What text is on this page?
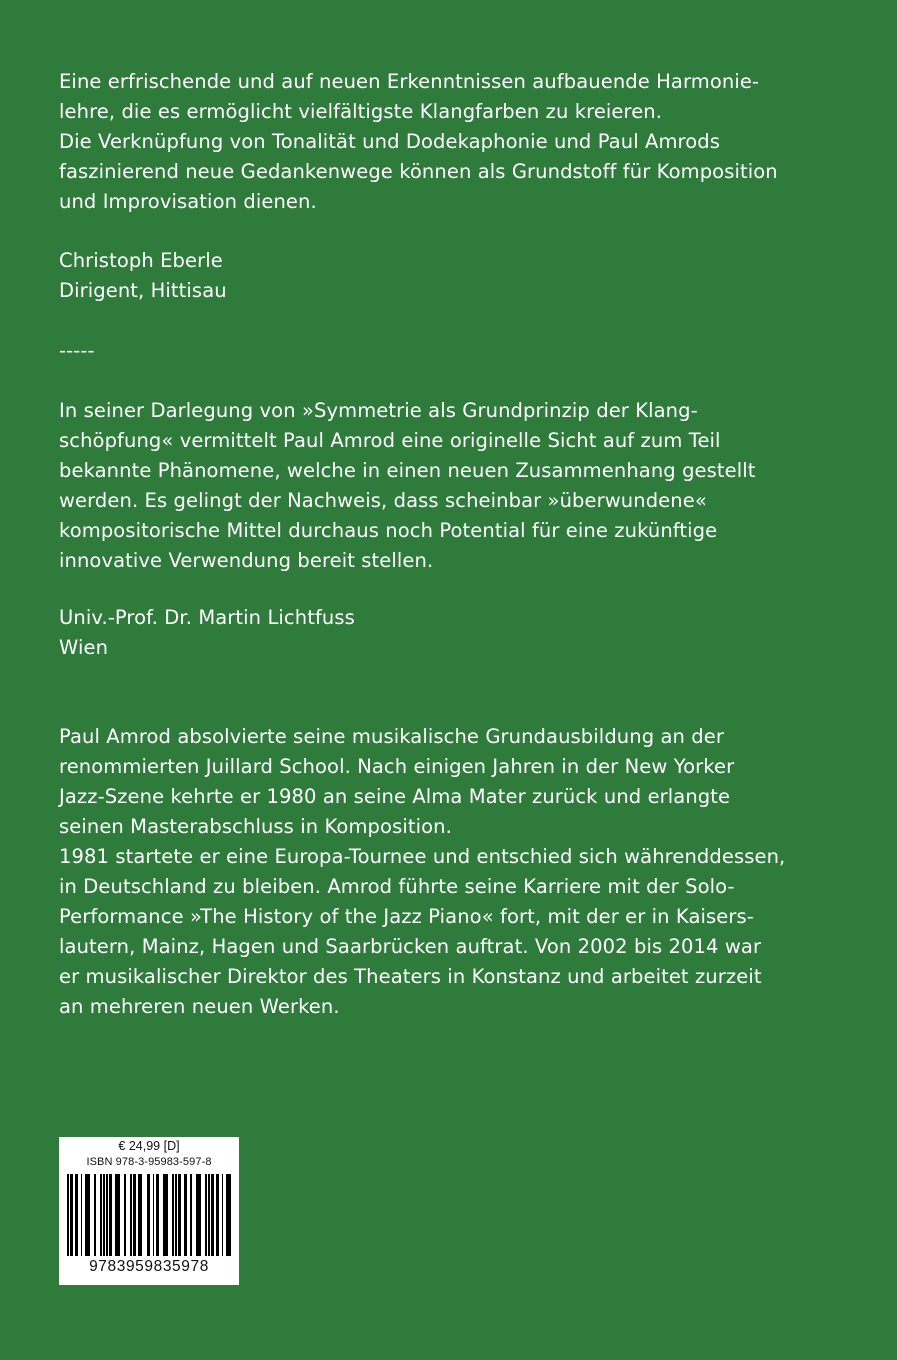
Eine erfrischende und auf neuen Erkenntnissen aufbauende Harmonie-
lehre, die es ermöglicht vielfältigste Klangfarben zu kreieren.
Die Verknüpfung von Tonalität und Dodekaphonie und Paul Amrods
faszinierend neue Gedankenwege können als Grundstoff für Komposition
und Improvisation dienen.
Christoph Eberle
Dirigent, Hittisau
-----
In seiner Darlegung von »Symmetrie als Grundprinzip der Klang-
schöpfung« vermittelt Paul Amrod eine originelle Sicht auf zum Teil
bekannte Phänomene, welche in einen neuen Zusammenhang gestellt
werden. Es gelingt der Nachweis, dass scheinbar »überwundene«
kompositorische Mittel durchaus noch Potential für eine zukünftige
innovative Verwendung bereit stellen.
Univ.-Prof. Dr. Martin Lichtfuss
Wien
Paul Amrod absolvierte seine musikalische Grundausbildung an der
renommierten Juillard School. Nach einigen Jahren in der New Yorker
Jazz-Szene kehrte er 1980 an seine Alma Mater zurück und erlangte
seinen Masterabschluss in Komposition.
1981 startete er eine Europa-Tournee und entschied sich währenddessen,
in Deutschland zu bleiben. Amrod führte seine Karriere mit der Solo-
Performance »The History of the Jazz Piano« fort, mit der er in Kaisers-
lautern, Mainz, Hagen und Saarbrücken auftrat. Von 2002 bis 2014 war
er musikalischer Direktor des Theaters in Konstanz und arbeitet zurzeit
an mehreren neuen Werken.
€ 24,99 [D]
ISBN 978-3-95983-597-8
9783959835978
